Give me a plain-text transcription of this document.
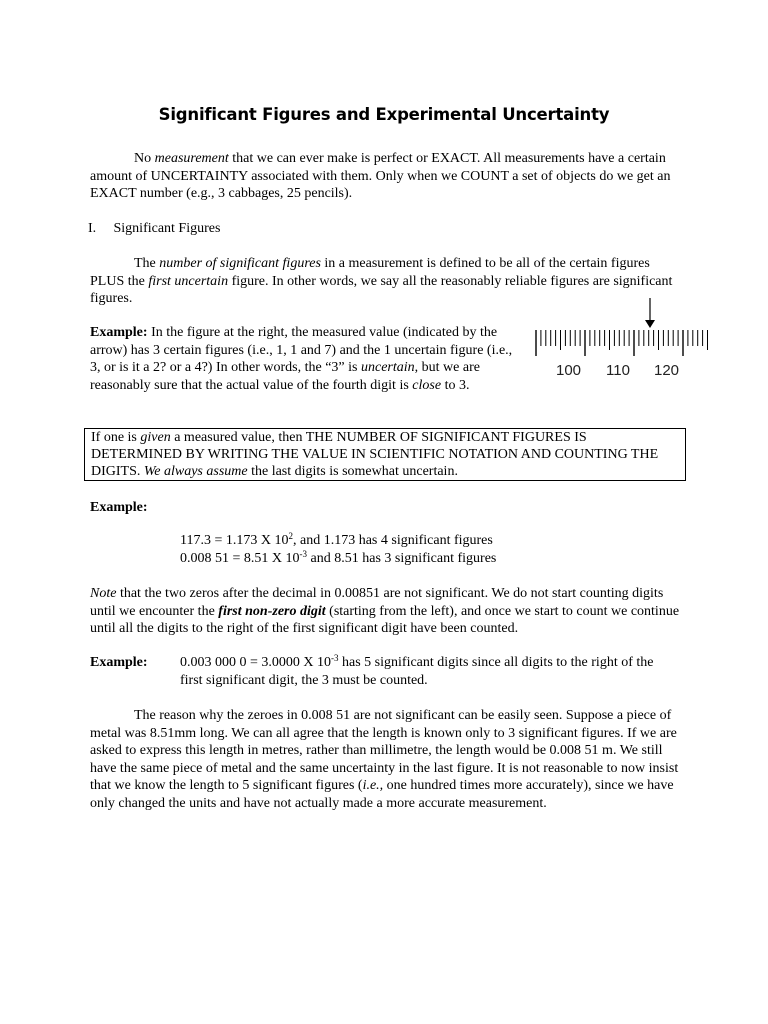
Significant Figures and Experimental Uncertainty
No measurement that we can ever make is perfect or EXACT. All measurements have a certain amount of UNCERTAINTY associated with them. Only when we COUNT a set of objects do we get an EXACT number (e.g., 3 cabbages, 25 pencils).
I. Significant Figures
The number of significant figures in a measurement is defined to be all of the certain figures PLUS the first uncertain figure. In other words, we say all the reasonably reliable figures are significant figures.
Example: In the figure at the right, the measured value (indicated by the arrow) has 3 certain figures (i.e., 1, 1 and 7) and the 1 uncertain figure (i.e., 3, or is it a 2? or a 4?) In other words, the “3” is uncertain, but we are reasonably sure that the actual value of the fourth digit is close to 3.
100 110 120
If one is given a measured value, then THE NUMBER OF SIGNIFICANT FIGURES IS DETERMINED BY WRITING THE VALUE IN SCIENTIFIC NOTATION AND COUNTING THE DIGITS. We always assume the last digits is somewhat uncertain.
Example:
117.3 = 1.173 X $10^2$, and 1.173 has 4 significant figures
0.008 51 = 8.51 X $10^{-3}$ and 8.51 has 3 significant figures
Note that the two zeros after the decimal in 0.00851 are not significant. We do not start counting digits until we encounter the first non-zero digit (starting from the left), and once we start to count we continue until all the digits to the right of the first significant digit have been counted.
Example:	0.003 000 0 = 3.0000 X $10^{-3}$ has 5 significant digits since all digits to the right of the first significant digit, the 3 must be counted.
The reason why the zeroes in 0.008 51 are not significant can be easily seen. Suppose a piece of metal was 8.51mm long. We can all agree that the length is known only to 3 significant figures. If we are asked to express this length in metres, rather than millimetre, the length would be 0.008 51 m. We still have the same piece of metal and the same uncertainty in the last figure. It is not reasonable to now insist that we know the length to 5 significant figures (i.e., one hundred times more accurately), since we have only changed the units and have not actually made a more accurate measurement.
